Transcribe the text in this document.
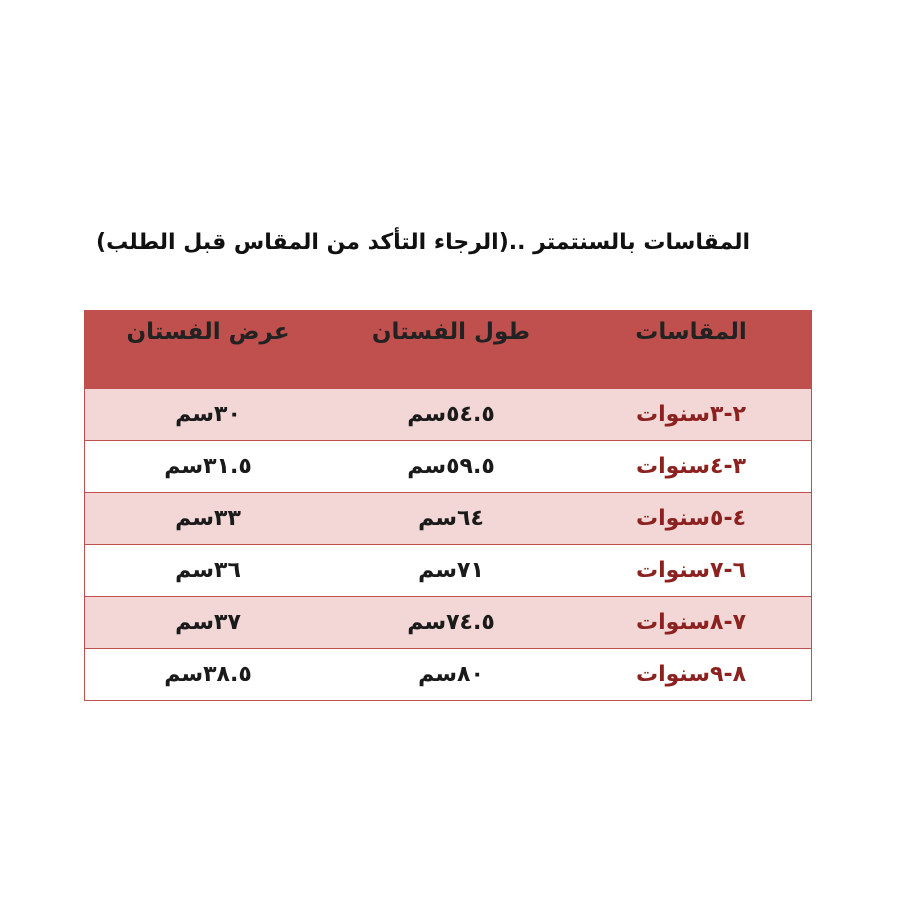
المقاسات بالسنتمتر ..(الرجاء التأكد من المقاس قبل الطلب)
المقاسات
طول الفستان
عرض الفستان
٢-٣سنوات
٥٤.٥سم
٣٠سم
٣-٤سنوات
٥٩.٥سم
٣١.٥سم
٤-٥سنوات
٦٤سم
٣٣سم
٦-٧سنوات
٧١سم
٣٦سم
٧-٨سنوات
٧٤.٥سم
٣٧سم
٨-٩سنوات
٨٠سم
٣٨.٥سم
